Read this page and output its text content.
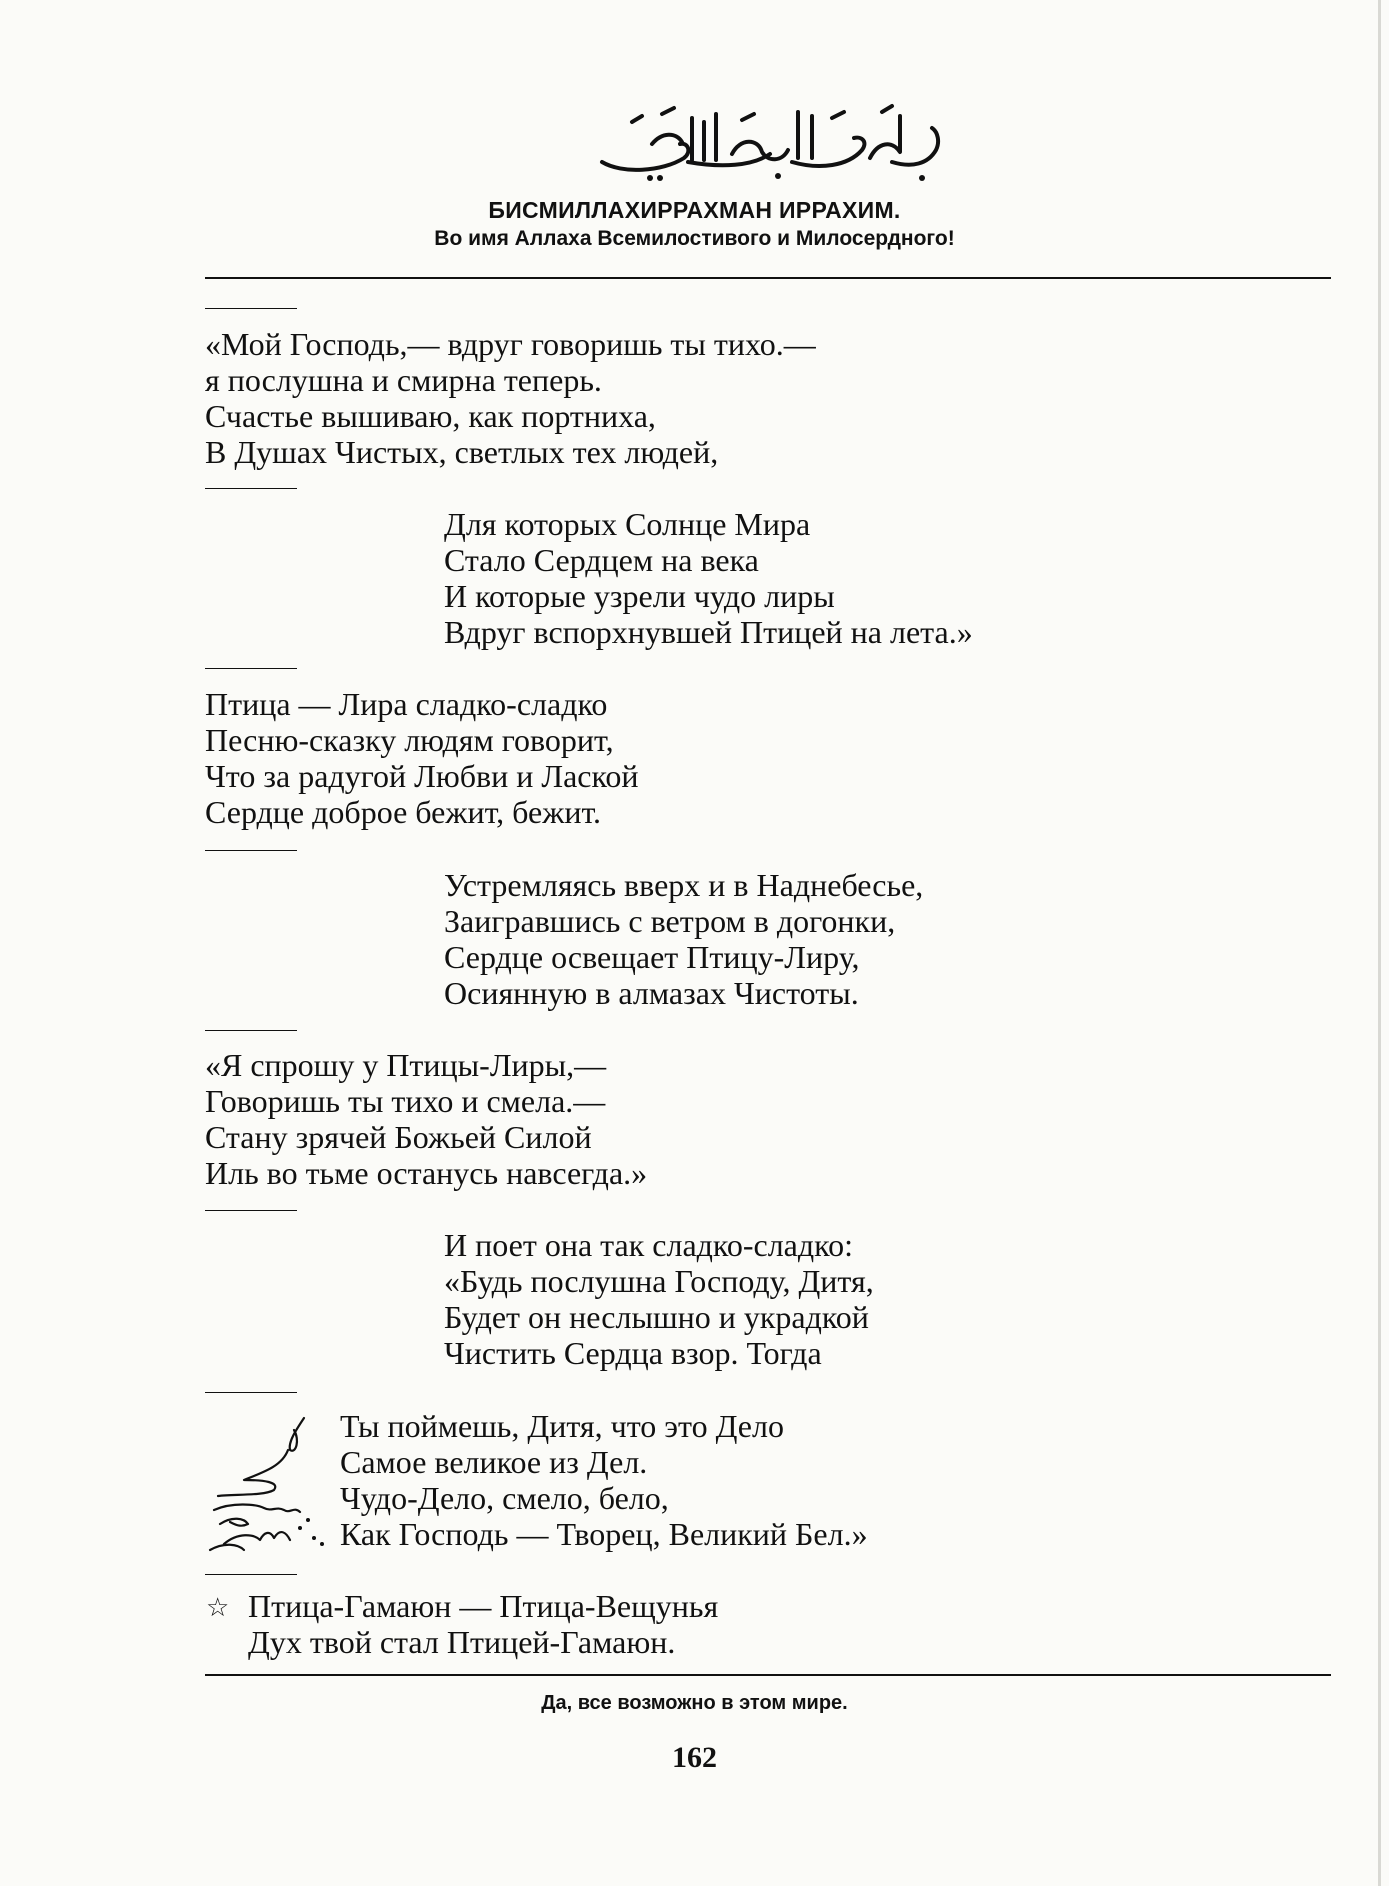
БИСМИЛЛАХИРРАХМАН ИРРАХИМ.

Во имя Аллаха Всемилостивого и Милосердного!

«Мой Господь,— вдруг говоришь ты тихо.—
я послушна и смирна теперь.
Счастье вышиваю, как портниха,
В Душах Чистых, светлых тех людей,
Для которых Солнце Мира
Стало Сердцем на века
И которые узрели чудо лиры
Вдруг вспорхнувшей Птицей на лета.»
Птица — Лира сладко-сладко
Песню-сказку людям говорит,
Что за радугой Любви и Лаской
Сердце доброе бежит, бежит.
Устремляясь вверх и в Наднебесье,
Заигравшись с ветром в догонки,
Сердце освещает Птицу-Лиру,
Осиянную в алмазах Чистоты.
«Я спрошу у Птицы-Лиры,—
Говоришь ты тихо и смела.—
Стану зрячей Божьей Силой
Иль во тьме останусь навсегда.»
И поет она так сладко-сладко:
«Будь послушна Господу, Дитя,
Будет он неслышно и украдкой
Чистить Сердца взор. Тогда
Ты поймешь, Дитя, что это Дело
Самое великое из Дел.
Чудо-Дело, смело, бело,
Как Господь — Творец, Великий Бел.»
☆ Птица-Гамаюн — Птица-Вещунья
Дух твой стал Птицей-Гамаюн.

Да, все возможно в этом мире.

162
